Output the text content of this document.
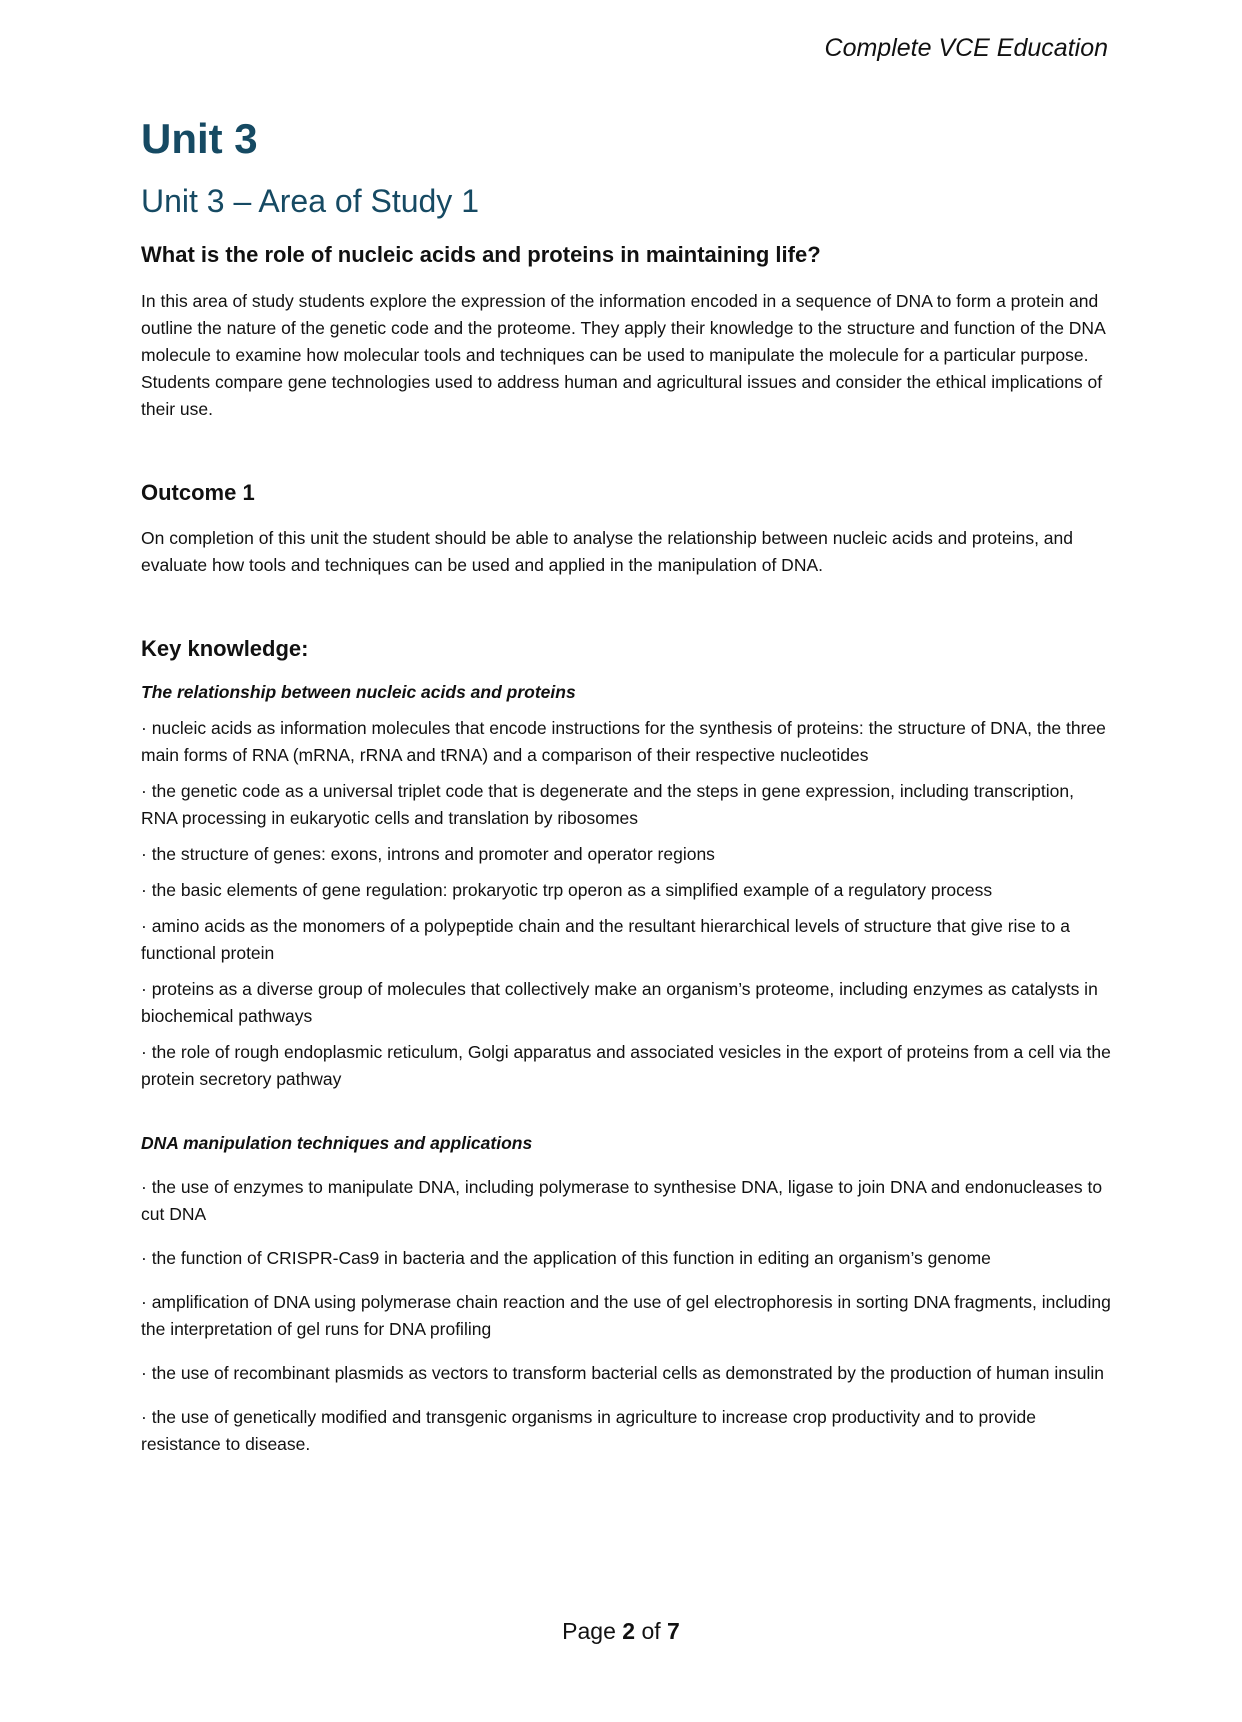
Complete VCE Education
Unit 3
Unit 3 – Area of Study 1
What is the role of nucleic acids and proteins in maintaining life?

In this area of study students explore the expression of the information encoded in a sequence of DNA to form a protein and outline the nature of the genetic code and the proteome. They apply their knowledge to the structure and function of the DNA molecule to examine how molecular tools and techniques can be used to manipulate the molecule for a particular purpose. Students compare gene technologies used to address human and agricultural issues and consider the ethical implications of their use.

Outcome 1

On completion of this unit the student should be able to analyse the relationship between nucleic acids and proteins, and evaluate how tools and techniques can be used and applied in the manipulation of DNA.

Key knowledge:
The relationship between nucleic acids and proteins
· nucleic acids as information molecules that encode instructions for the synthesis of proteins: the structure of DNA, the three main forms of RNA (mRNA, rRNA and tRNA) and a comparison of their respective nucleotides
· the genetic code as a universal triplet code that is degenerate and the steps in gene expression, including transcription, RNA processing in eukaryotic cells and translation by ribosomes
· the structure of genes: exons, introns and promoter and operator regions
· the basic elements of gene regulation: prokaryotic trp operon as a simplified example of a regulatory process
· amino acids as the monomers of a polypeptide chain and the resultant hierarchical levels of structure that give rise to a functional protein
· proteins as a diverse group of molecules that collectively make an organism’s proteome, including enzymes as catalysts in biochemical pathways
· the role of rough endoplasmic reticulum, Golgi apparatus and associated vesicles in the export of proteins from a cell via the protein secretory pathway
DNA manipulation techniques and applications
· the use of enzymes to manipulate DNA, including polymerase to synthesise DNA, ligase to join DNA and endonucleases to cut DNA
· the function of CRISPR-Cas9 in bacteria and the application of this function in editing an organism’s genome
· amplification of DNA using polymerase chain reaction and the use of gel electrophoresis in sorting DNA fragments, including the interpretation of gel runs for DNA profiling
· the use of recombinant plasmids as vectors to transform bacterial cells as demonstrated by the production of human insulin
· the use of genetically modified and transgenic organisms in agriculture to increase crop productivity and to provide resistance to disease.
Page 2 of 7
